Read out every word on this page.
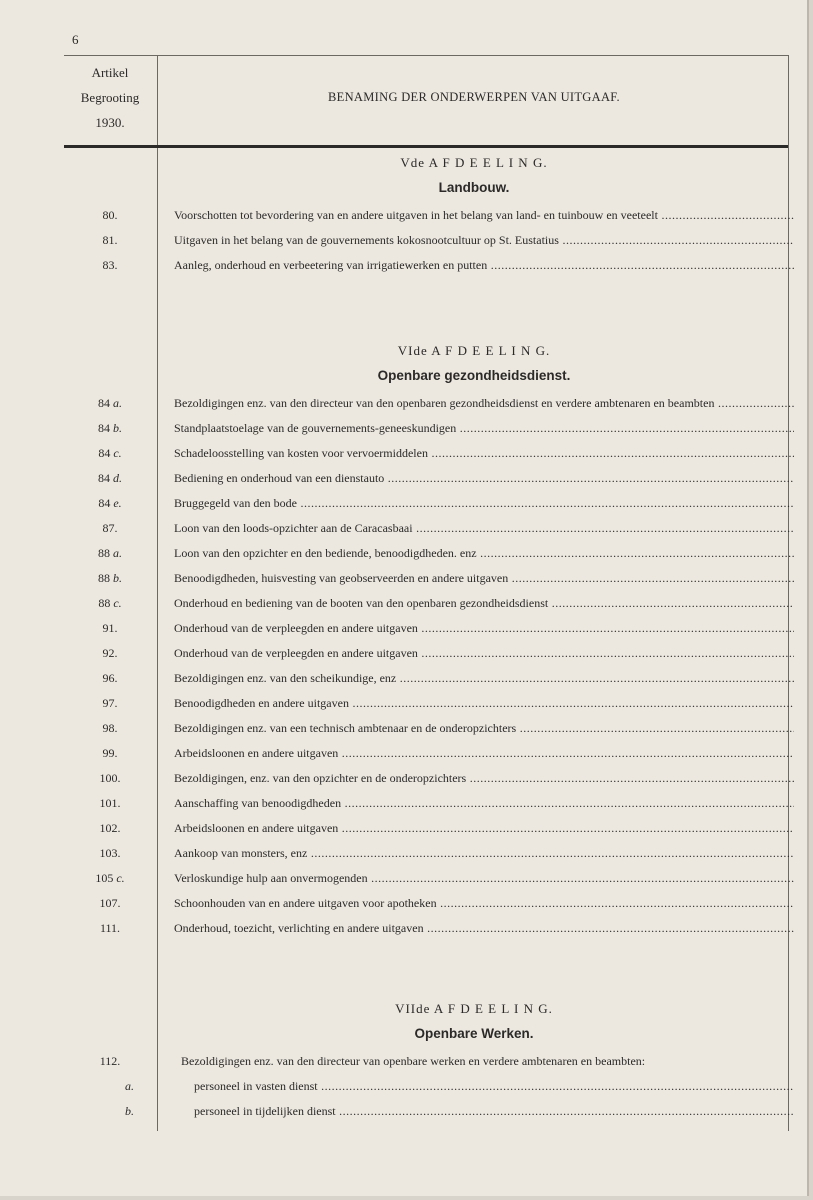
6
Artikel
Begrooting
1930.
BENAMING DER ONDERWERPEN VAN UITGAAF.
Vde A F D E E L I N G.
Landbouw.
80.	Voorschotten tot bevordering van en andere uitgaven in het belang van land- en tuinbouw en veeteelt .....
81.	Uitgaven in het belang van de gouvernements kokosnootcultuur op St. Eustatius .....
83.	Aanleg, onderhoud en verbeetering van irrigatiewerken en putten .....
VIde A F D E E L I N G.
Openbare gezondheidsdienst.
84 a.	Bezoldigingen enz. van den directeur van den openbaren gezondheidsdienst en verdere ambtenaren en beambten .....
84 b.	Standplaatstoelage van de gouvernements-geneeskundigen .....
84 c.	Schadeloosstelling van kosten voor vervoermiddelen .....
84 d.	Bediening en onderhoud van een dienstauto .....
84 e.	Bruggegeld van den bode .....
87.	Loon van den loods-opzichter aan de Caracasbaai .....
88 a.	Loon van den opzichter en den bediende, benoodigdheden. enz .....
88 b.	Benoodigdheden, huisvesting van geobserveerden en andere uitgaven .....
88 c.	Onderhoud en bediening van de booten van den openbaren gezondheidsdienst .....
91.	Onderhoud van de verpleegden en andere uitgaven .....
92.	Onderhoud van de verpleegden en andere uitgaven .....
96.	Bezoldigingen enz. van den scheikundige, enz .....
97.	Benoodigdheden en andere uitgaven .....
98.	Bezoldigingen enz. van een technisch ambtenaar en de onderopzichters .....
99.	Arbeidsloonen en andere uitgaven .....
100.	Bezoldigingen, enz. van den opzichter en de onderopzichters .....
101.	Aanschaffing van benoodigdheden .....
102.	Arbeidsloonen en andere uitgaven .....
103.	Aankoop van monsters, enz .....
105 c.	Verloskundige hulp aan onvermogenden .....
107.	Schoonhouden van en andere uitgaven voor apotheken .....
111.	Onderhoud, toezicht, verlichting en andere uitgaven .....
VIIde A F D E E L I N G.
Openbare Werken.
112.	Bezoldigingen enz. van den directeur van openbare werken en verdere ambtenaren en beambten:
a.	personeel in vasten dienst .....
b.	personeel in tijdelijken dienst .....
